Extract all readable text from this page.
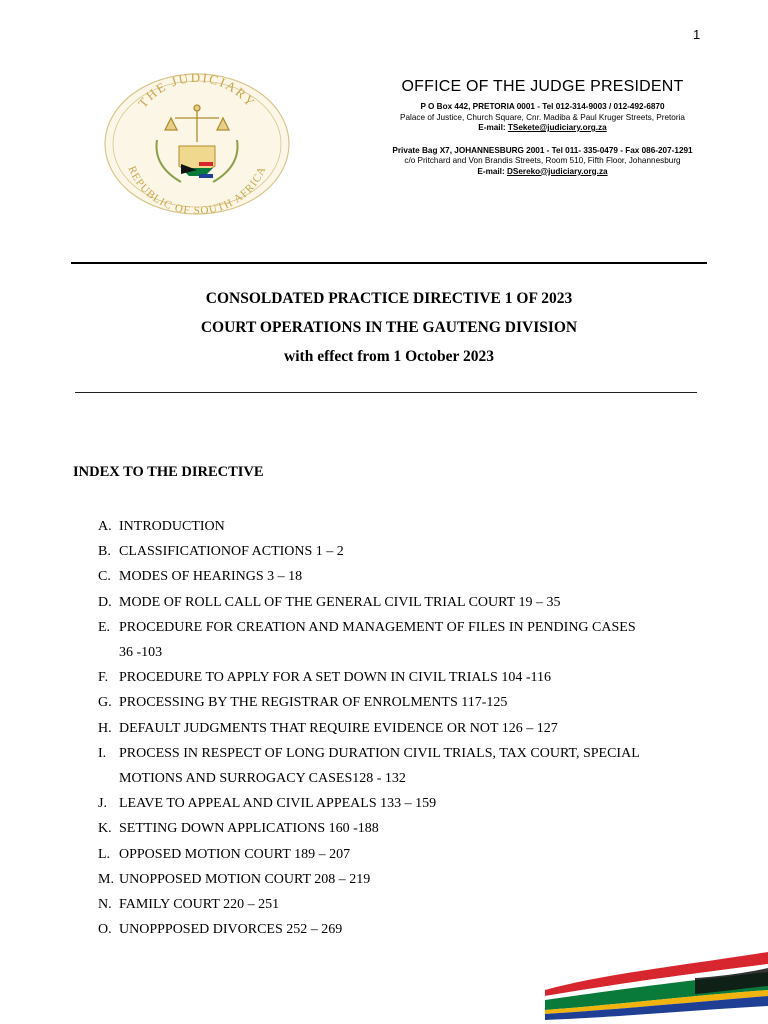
1
THE JUDICIARY
REPUBLIC OF SOUTH AFRICA
OFFICE OF THE JUDGE PRESIDENT
P O Box 442, PRETORIA 0001 - Tel 012-314-9003 / 012-492-6870
Palace of Justice, Church Square, Cnr. Madiba & Paul Kruger Streets, Pretoria
E-mail: TSekete@judiciary.org.za
Private Bag X7, JOHANNESBURG 2001 - Tel 011- 335-0479 - Fax 086-207-1291
c/o Pritchard and Von Brandis Streets, Room 510, Fifth Floor, Johannesburg
E-mail: DSereko@judiciary.org.za
CONSOLDATED PRACTICE DIRECTIVE 1 OF 2023
COURT OPERATIONS IN THE GAUTENG DIVISION
with effect from 1 October 2023
INDEX TO THE DIRECTIVE
A. INTRODUCTION
B. CLASSIFICATIONOF ACTIONS 1 – 2
C. MODES OF HEARINGS 3 – 18
D. MODE OF ROLL CALL OF THE GENERAL CIVIL TRIAL COURT 19 – 35
E. PROCEDURE FOR CREATION AND MANAGEMENT OF FILES IN PENDING CASES
36 -103
F. PROCEDURE TO APPLY FOR A SET DOWN IN CIVIL TRIALS 104 -116
G. PROCESSING BY THE REGISTRAR OF ENROLMENTS 117-125
H. DEFAULT JUDGMENTS THAT REQUIRE EVIDENCE OR NOT 126 – 127
I. PROCESS IN RESPECT OF LONG DURATION CIVIL TRIALS, TAX COURT, SPECIAL
MOTIONS AND SURROGACY CASES128 - 132
J. LEAVE TO APPEAL AND CIVIL APPEALS 133 – 159
K. SETTING DOWN APPLICATIONS 160 -188
L. OPPOSED MOTION COURT 189 – 207
M. UNOPPOSED MOTION COURT 208 – 219
N. FAMILY COURT 220 – 251
O. UNOPPPOSED DIVORCES 252 – 269
